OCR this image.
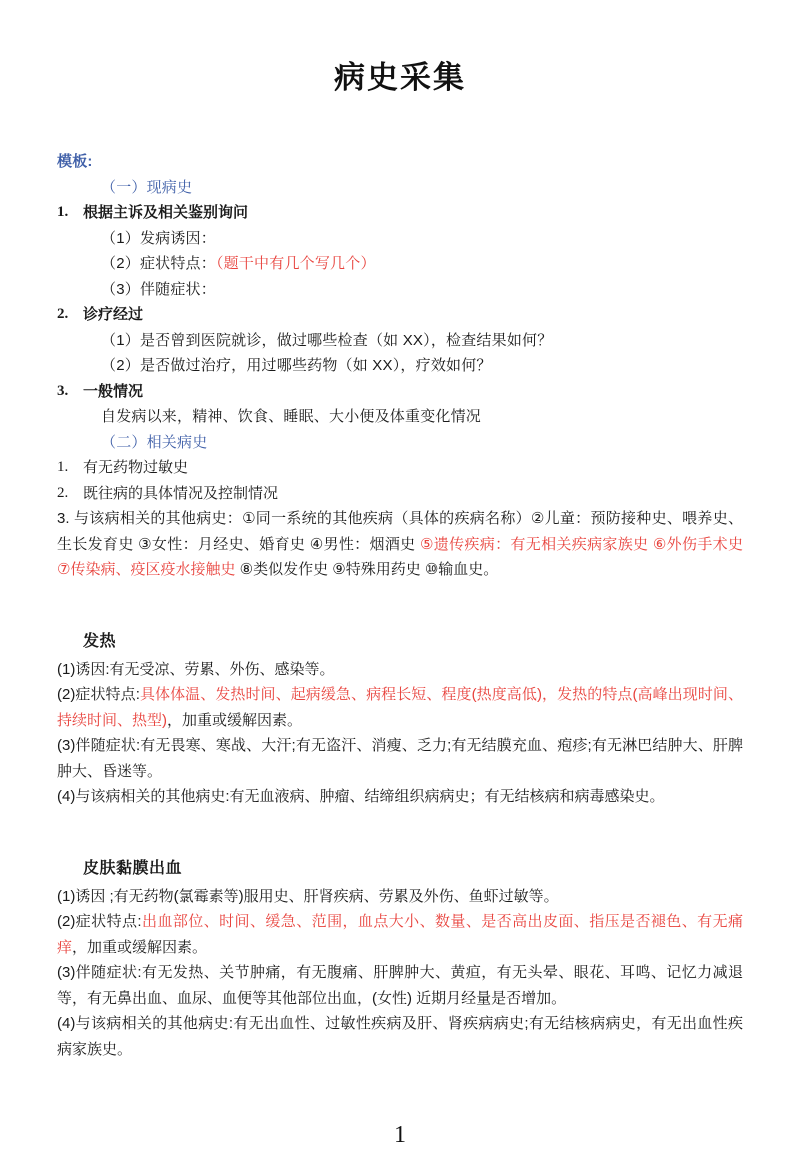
病史采集
模板:
（一）现病史
1. 根据主诉及相关鉴别询问
（1）发病诱因：
（2）症状特点：（题干中有几个写几个）
（3）伴随症状：
2. 诊疗经过
（1）是否曾到医院就诊，做过哪些检查（如 XX），检查结果如何？
（2）是否做过治疗，用过哪些药物（如 XX），疗效如何？
3. 一般情况
自发病以来，精神、饮食、睡眠、大小便及体重变化情况
（二）相关病史
1. 有无药物过敏史
2. 既往病的具体情况及控制情况
3. 与该病相关的其他病史：①同一系统的其他疾病（具体的疾病名称）②儿童：预防接种史、喂养史、生长发育史 ③女性：月经史、婚育史 ④男性：烟酒史 ⑤遗传疾病：有无相关疾病家族史 ⑥外伤手术史 ⑦传染病、疫区疫水接触史 ⑧类似发作史 ⑨特殊用药史 ⑩输血史。
发热
(1)诱因:有无受凉、劳累、外伤、感染等。
(2)症状特点:具体体温、发热时间、起病缓急、病程长短、程度(热度高低)，发热的特点(高峰出现时间、持续时间、热型)，加重或缓解因素。
(3)伴随症状:有无畏寒、寒战、大汗;有无盗汗、消瘦、乏力;有无结膜充血、疱疹;有无淋巴结肿大、肝脾肿大、昏迷等。
(4)与该病相关的其他病史:有无血液病、肿瘤、结缔组织病病史；有无结核病和病毒感染史。
皮肤黏膜出血
(1)诱因 ;有无药物(氯霉素等)服用史、肝肾疾病、劳累及外伤、鱼虾过敏等。
(2)症状特点:出血部位、时间、缓急、范围，血点大小、数量、是否高出皮面、指压是否褪色、有无痛痒，加重或缓解因素。
(3)伴随症状:有无发热、关节肿痛，有无腹痛、肝脾肿大、黄疸，有无头晕、眼花、耳鸣、记忆力减退等，有无鼻出血、血尿、血便等其他部位出血，(女性) 近期月经量是否增加。
(4)与该病相关的其他病史:有无出血性、过敏性疾病及肝、肾疾病病史;有无结核病病史，有无出血性疾病家族史。
1
